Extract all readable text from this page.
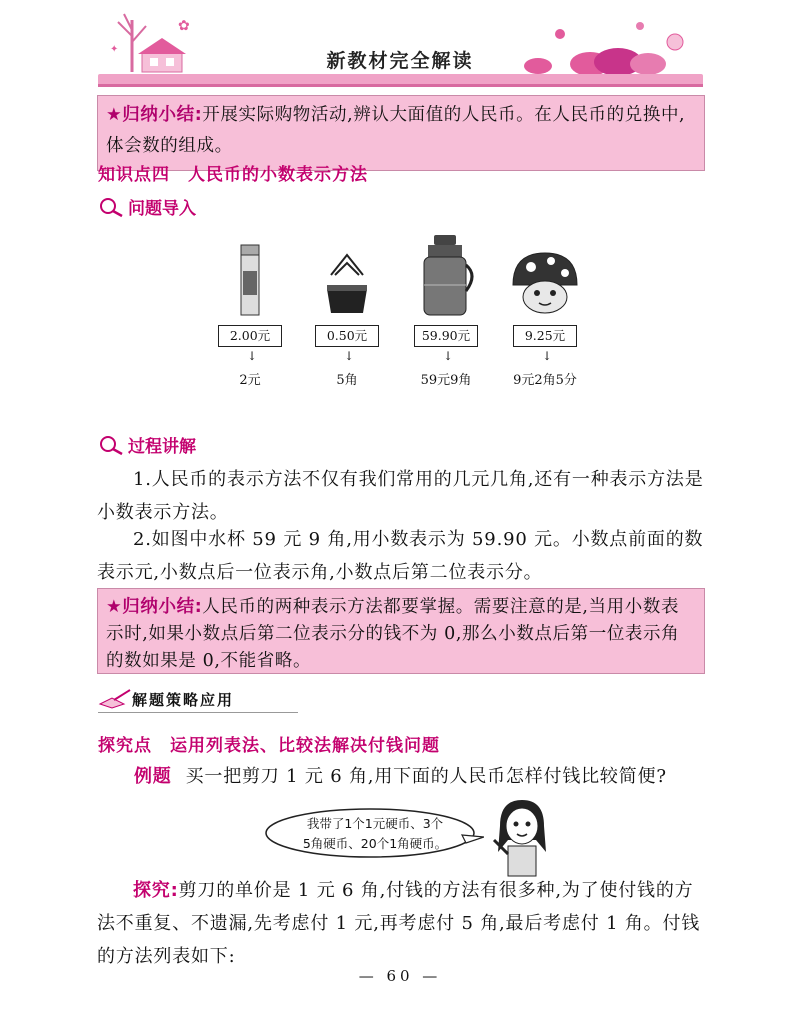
✿
✦
新教材完全解读
★归纳小结:开展实际购物活动,辨认大面值的人民币。在人民币的兑换中,体会数的组成。
知识点四　人民币的小数表示方法
问题导入
2.00元
↓
2元
0.50元
↓
5角
59.90元
↓
59元9角
9.25元
↓
9元2角5分
过程讲解
1.人民币的表示方法不仅有我们常用的几元几角,还有一种表示方法是小数表示方法。
2.如图中水杯 59 元 9 角,用小数表示为 59.90 元。小数点前面的数表示元,小数点后一位表示角,小数点后第二位表示分。
★归纳小结:人民币的两种表示方法都要掌握。需要注意的是,当用小数表示时,如果小数点后第二位表示分的钱不为 0,那么小数点后第一位表示角的数如果是 0,不能省略。
解题策略应用
探究点　运用列表法、比较法解决付钱问题
例题 买一把剪刀 1 元 6 角,用下面的人民币怎样付钱比较简便?
我带了1个1元硬币、3个
5角硬币、20个1角硬币。
探究:剪刀的单价是 1 元 6 角,付钱的方法有很多种,为了使付钱的方法不重复、不遗漏,先考虑付 1 元,再考虑付 5 角,最后考虑付 1 角。付钱的方法列表如下:
— 60 —
